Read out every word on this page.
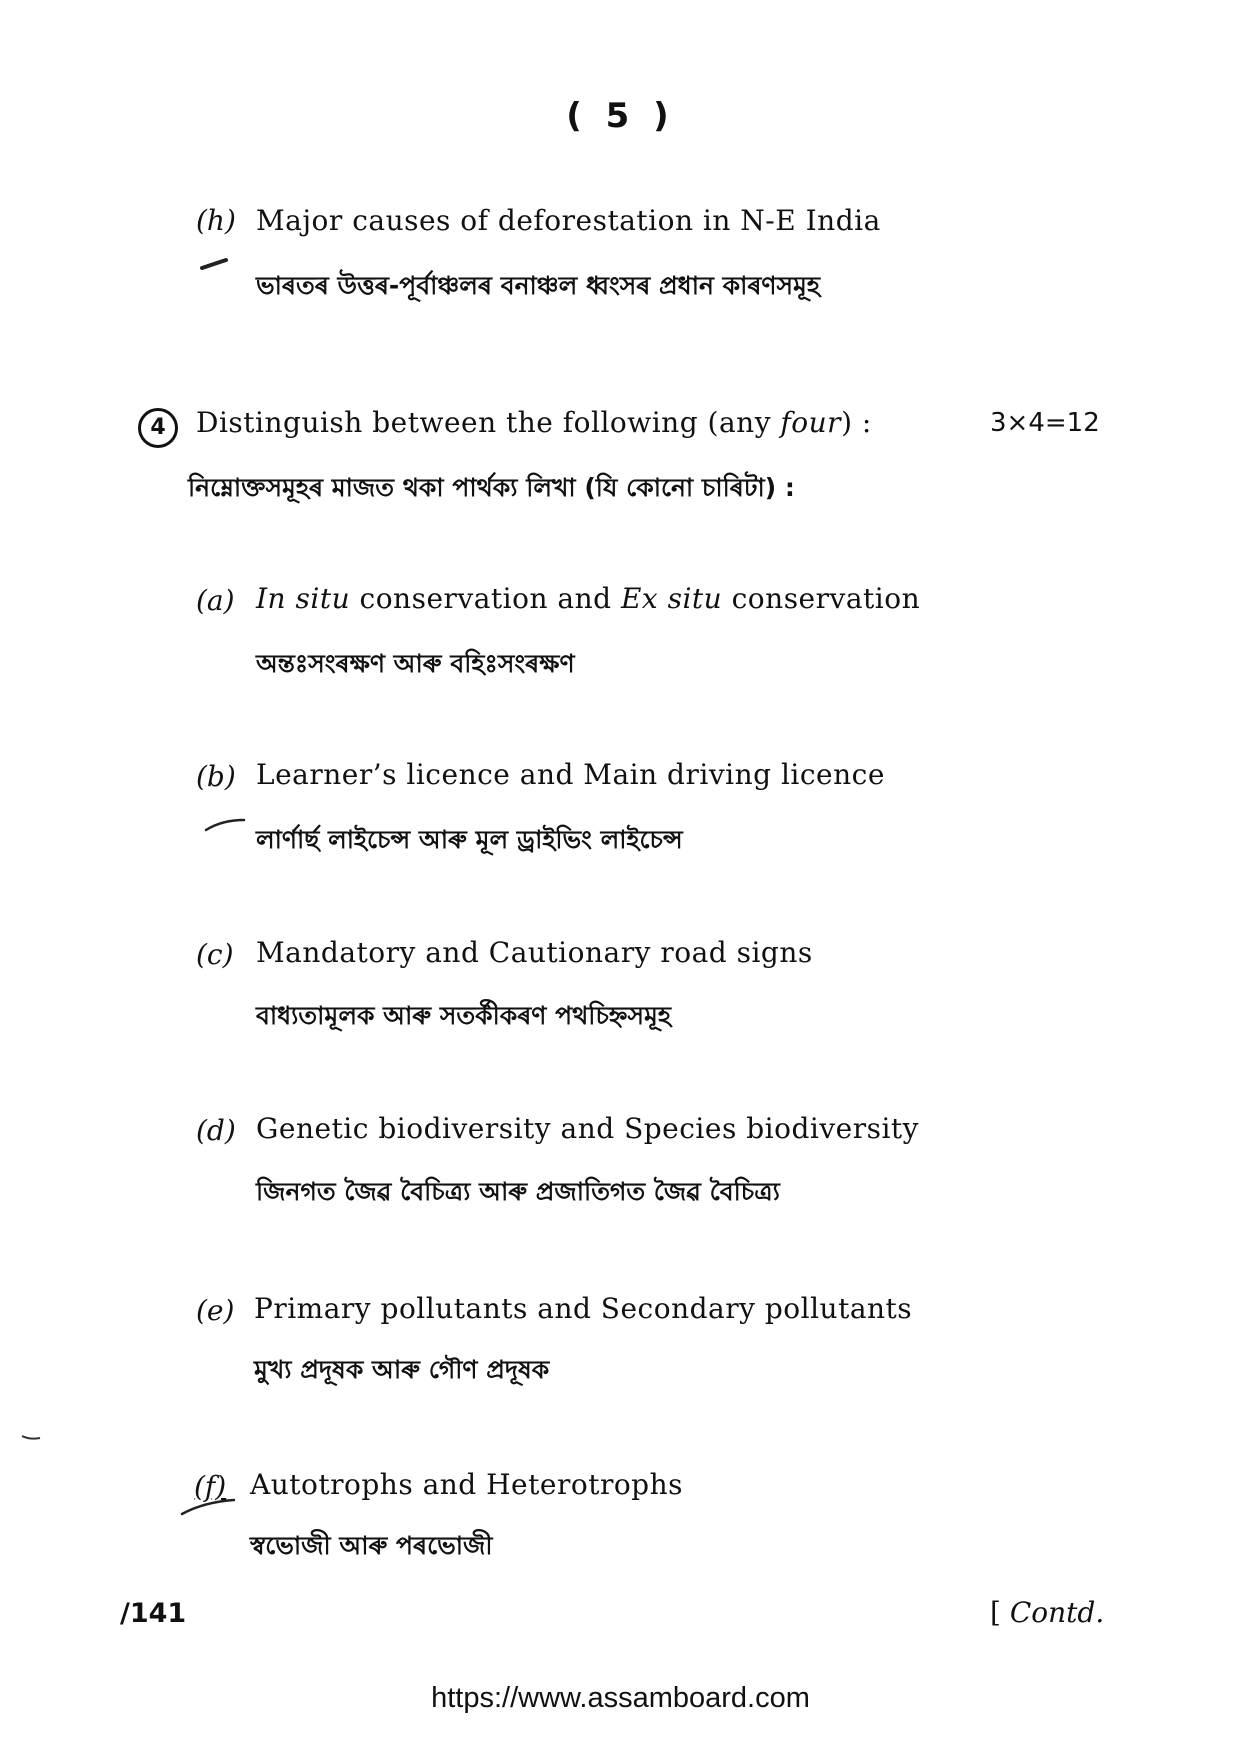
( 5 )
(h) Major causes of deforestation in N-E India
ভাৰতৰ উত্তৰ-পূৰ্বাঞ্চলৰ বনাঞ্চল ধ্বংসৰ প্ৰধান কাৰণসমূহ
4	Distinguish between the following (any four) :	3×4=12
নিম্নোক্তসমূহৰ মাজত থকা পাৰ্থক্য লিখা (যি কোনো চাৰিটা) :
(a) In situ conservation and Ex situ conservation
অন্তঃসংৰক্ষণ আৰু বহিঃসংৰক্ষণ
(b) Learner’s licence and Main driving licence
লাৰ্ণাৰ্ছ লাইচেন্স আৰু মূল ড্ৰাইভিং লাইচেন্স
(c) Mandatory and Cautionary road signs
বাধ্যতামূলক আৰু সতৰ্কীকৰণ পথচিহ্নসমূহ
(d) Genetic biodiversity and Species biodiversity
জিনগত জৈৱ বৈচিত্ৰ্য আৰু প্ৰজাতিগত জৈৱ বৈচিত্ৰ্য
(e) Primary pollutants and Secondary pollutants
মুখ্য প্ৰদূষক আৰু গৌণ প্ৰদূষক
(f) Autotrophs and Heterotrophs
স্বভোজী আৰু পৰভোজী
/141	[ Contd.
https://www.assamboard.com
